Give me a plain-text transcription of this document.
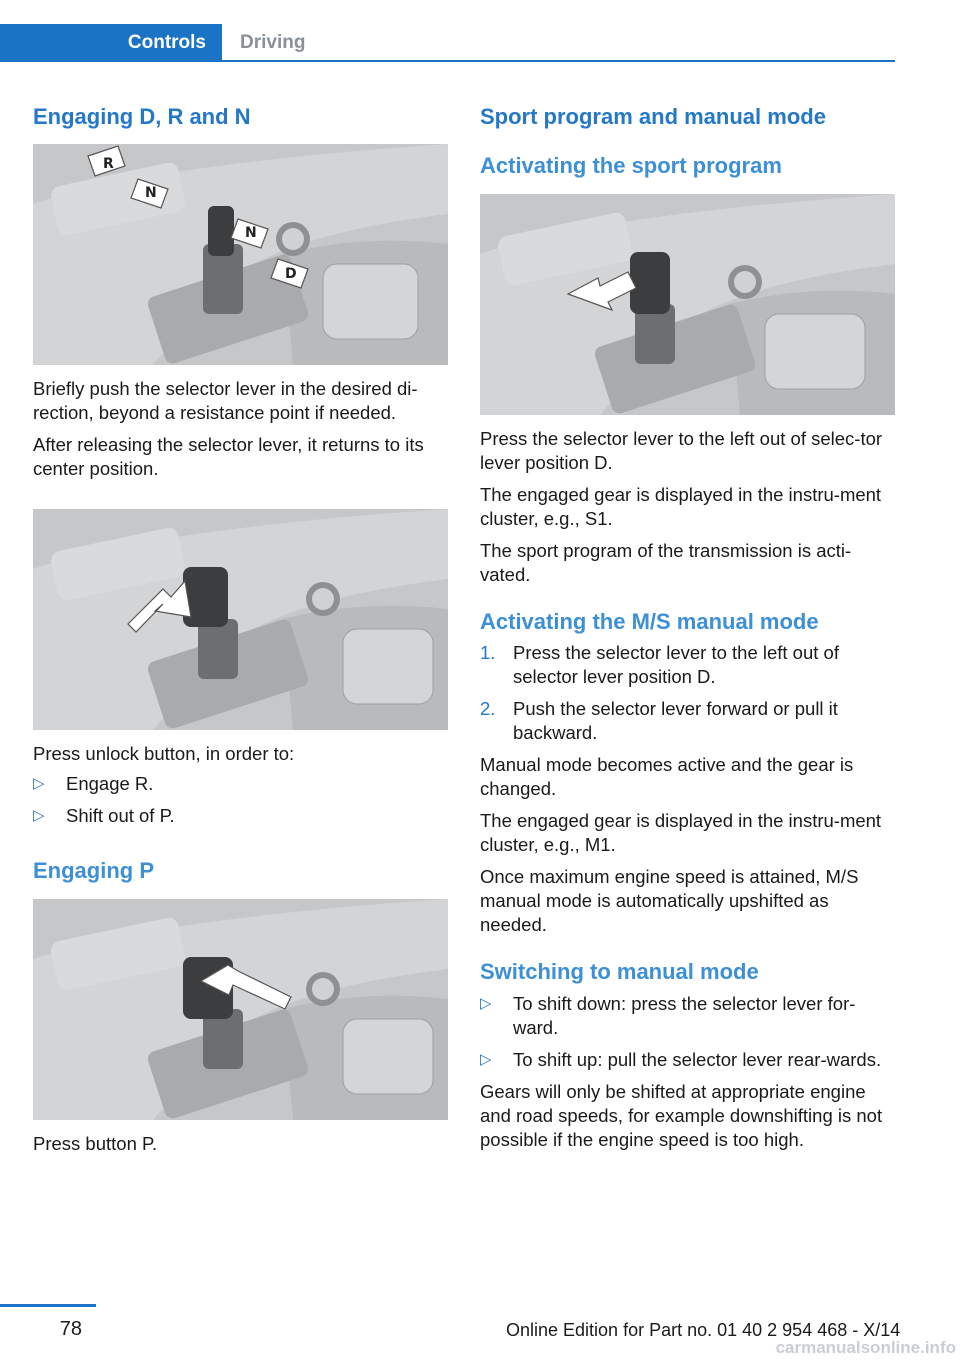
Controls	Driving
Engaging D, R and N
R
N
N
D

Briefly push the selector lever in the desired di-rection, beyond a resistance point if needed.

After releasing the selector lever, it returns to its center position.

Press unlock button, in order to:

▷ Engage R.
▷ Shift out of P.
Engaging P

Press button P.

Sport program and manual mode
Activating the sport program

Press the selector lever to the left out of selec-tor lever position D.

The engaged gear is displayed in the instru-ment cluster, e.g., S1.

The sport program of the transmission is acti-vated.

Activating the M/S manual mode
1. Press the selector lever to the left out of selector lever position D.
2. Push the selector lever forward or pull it backward.

Manual mode becomes active and the gear is changed.

The engaged gear is displayed in the instru-ment cluster, e.g., M1.

Once maximum engine speed is attained, M/S manual mode is automatically upshifted as needed.

Switching to manual mode
▷ To shift down: press the selector lever for-ward.
▷ To shift up: pull the selector lever rear-wards.

Gears will only be shifted at appropriate engine and road speeds, for example downshifting is not possible if the engine speed is too high.

78	Online Edition for Part no. 01 40 2 954 468 - X/14
carmanualsonline.info
